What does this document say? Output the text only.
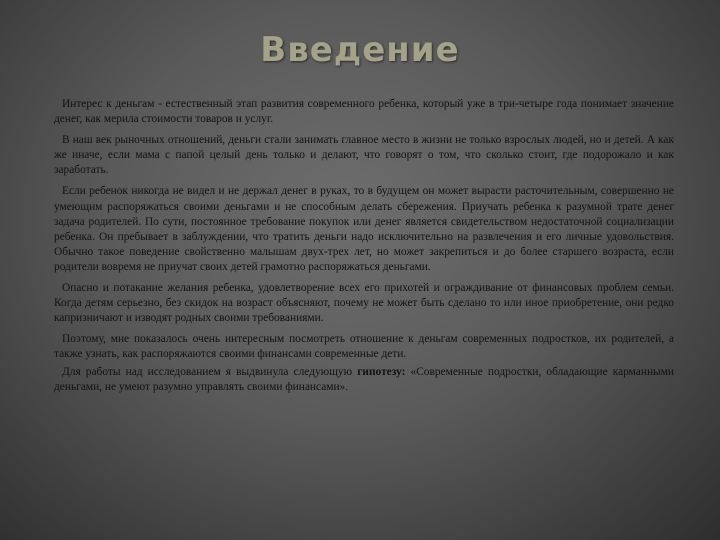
Введение

Интерес к деньгам - естественный этап развития современного ребенка, который уже в три-четыре года понимает значение денег, как мерила стоимости товаров и услуг.

В наш век рыночных отношений, деньги стали занимать главное место в жизни не только взрослых людей, но и детей. А как же иначе, если мама с папой целый день только и делают, что говорят о том, что сколько стоит, где подорожало и как заработать.

Если ребенок никогда не видел и не держал денег в руках, то в будущем он может вырасти расточительным, совершенно не умеющим распоряжаться своими деньгами и не способным делать сбережения. Приучать ребенка к разумной трате денег задача родителей. По сути, постоянное требование покупок или денег является свидетельством недостаточной социализации ребенка. Он пребывает в заблуждении, что тратить деньги надо исключительно на развлечения и его личные удовольствия. Обычно такое поведение свойственно малышам двух-трех лет, но может закрепиться и до более старшего возраста, если родители вовремя не приучат своих детей грамотно распоряжаться деньгами.

Опасно и потакание желания ребенка, удовлетворение всех его прихотей и ограждивание от финансовых проблем семьи. Когда детям серьезно, без скидок на возраст объясняют, почему не может быть сделано то или иное приобретение, они редко капризничают и изводят родных своими требованиями.

Поэтому, мне показалось очень интересным посмотреть отношение к деньгам современных подростков, их родителей, а также узнать, как распоряжаются своими финансами современные дети.

Для работы над исследованием я выдвинула следующую гипотезу: «Современные подростки, обладающие карманными деньгами, не умеют разумно управлять своими финансами».
